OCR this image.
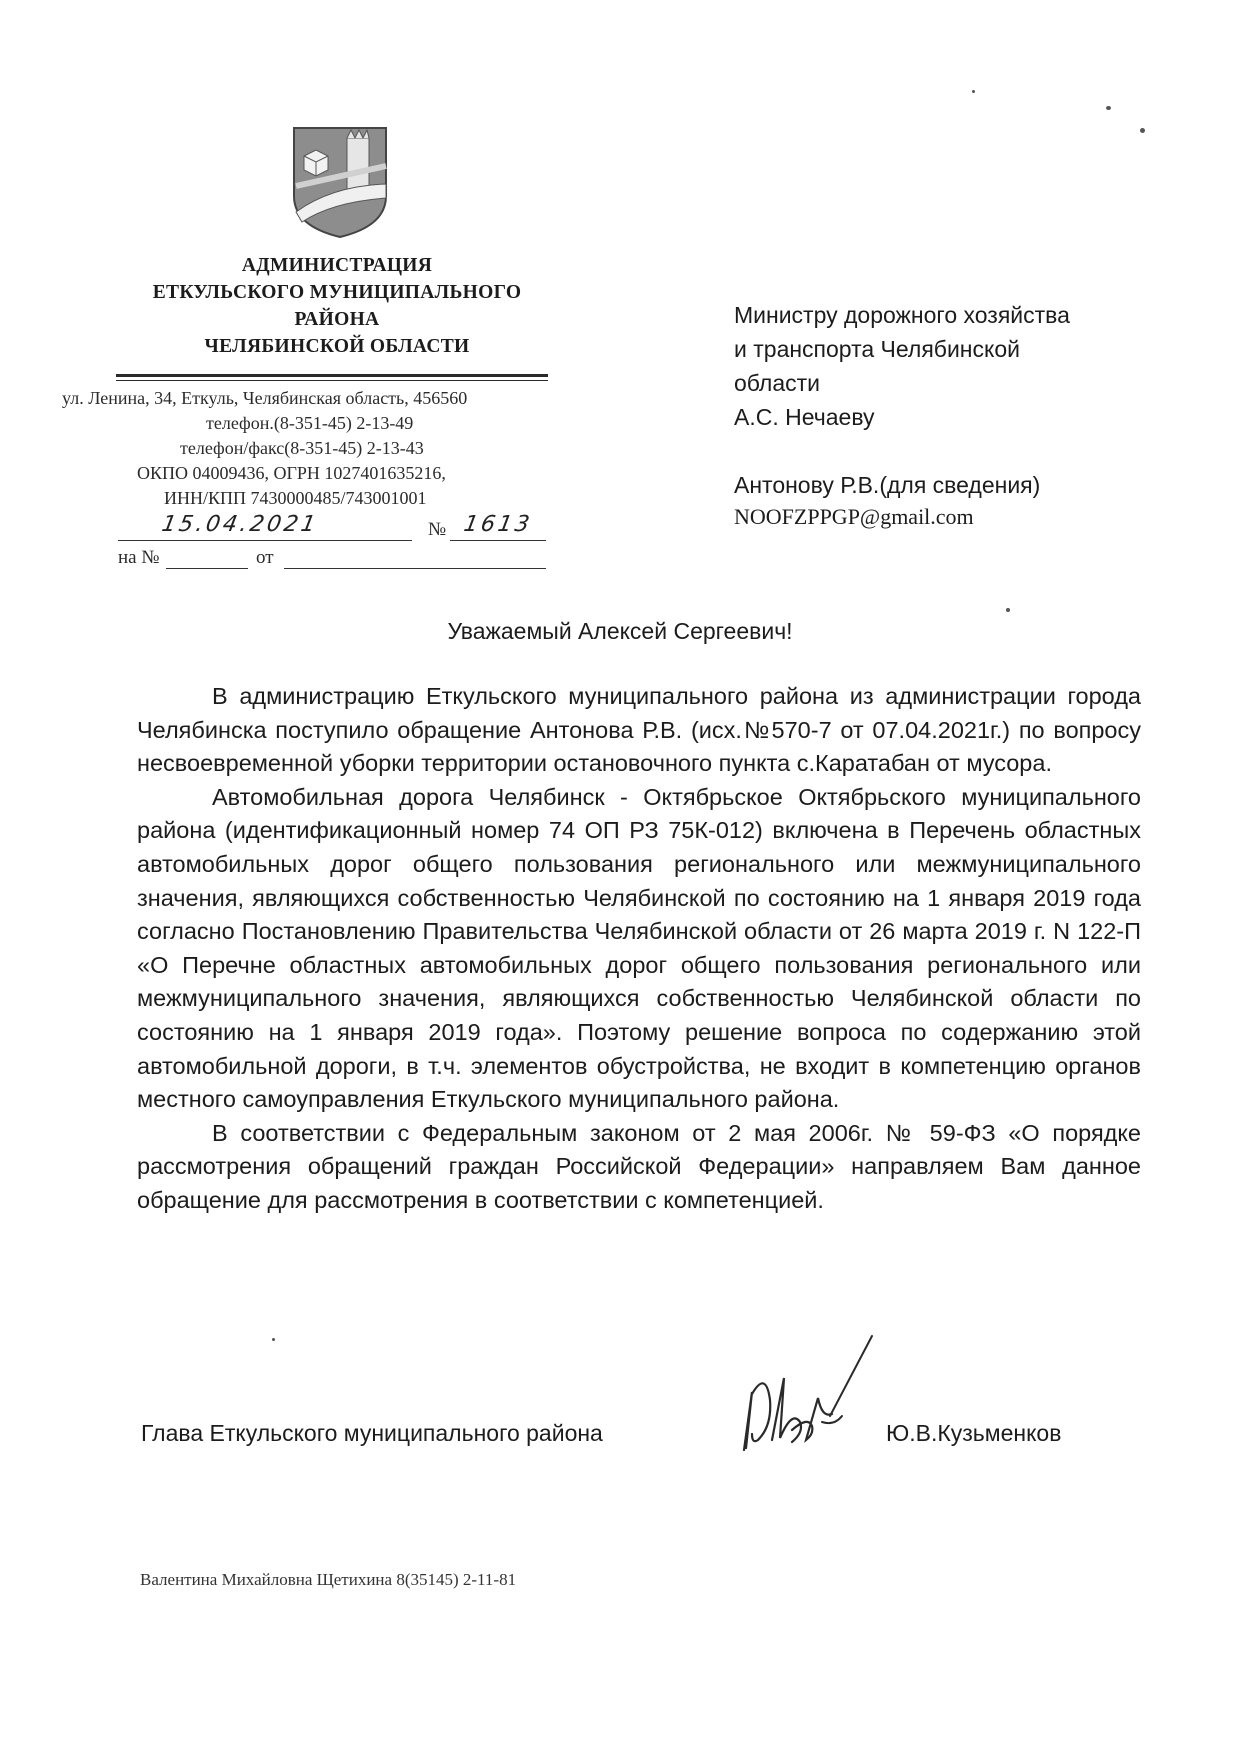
АДМИНИСТРАЦИЯ
ЕТКУЛЬСКОГО МУНИЦИПАЛЬНОГО
РАЙОНА
ЧЕЛЯБИНСКОЙ ОБЛАСТИ
ул. Ленина, 34, Еткуль, Челябинская область, 456560
телефон.(8-351-45) 2-13-49
телефон/факс(8-351-45) 2-13-43
ОКПО 04009436, ОГРН 1027401635216,
ИНН/КПП 7430000485/743001001
15.04.2021	№ 1613
на №	от
Министру дорожного хозяйства
и транспорта Челябинской
области
А.С. Нечаеву
Антонову Р.В.(для сведения)
NOOFZPPGP@gmail.com
Уважаемый Алексей Сергеевич!

В администрацию Еткульского муниципального района из администрации города Челябинска поступило обращение Антонова Р.В. (исх.№570-7 от 07.04.2021г.) по вопросу несвоевременной уборки территории остановочного пункта с.Каратабан от мусора.

Автомобильная дорога Челябинск - Октябрьское Октябрьского муниципального района (идентификационный номер 74 ОП РЗ 75К-012) включена в Перечень областных автомобильных дорог общего пользования регионального или межмуниципального значения, являющихся собственностью Челябинской по состоянию на 1 января 2019 года согласно Постановлению Правительства Челябинской области от 26 марта 2019 г. N 122-П «О Перечне областных автомобильных дорог общего пользования регионального или межмуниципального значения, являющихся собственностью Челябинской области по состоянию на 1 января 2019 года». Поэтому решение вопроса по содержанию этой автомобильной дороги, в т.ч. элементов обустройства, не входит в компетенцию органов местного самоуправления Еткульского муниципального района.

В соответствии с Федеральным законом от 2 мая 2006г. № 59-ФЗ «О порядке рассмотрения обращений граждан Российской Федерации» направляем Вам данное обращение для рассмотрения в соответствии с компетенцией.

Глава Еткульского муниципального района	Ю.В.Кузьменков
Валентина Михайловна Щетихина 8(35145) 2-11-81
